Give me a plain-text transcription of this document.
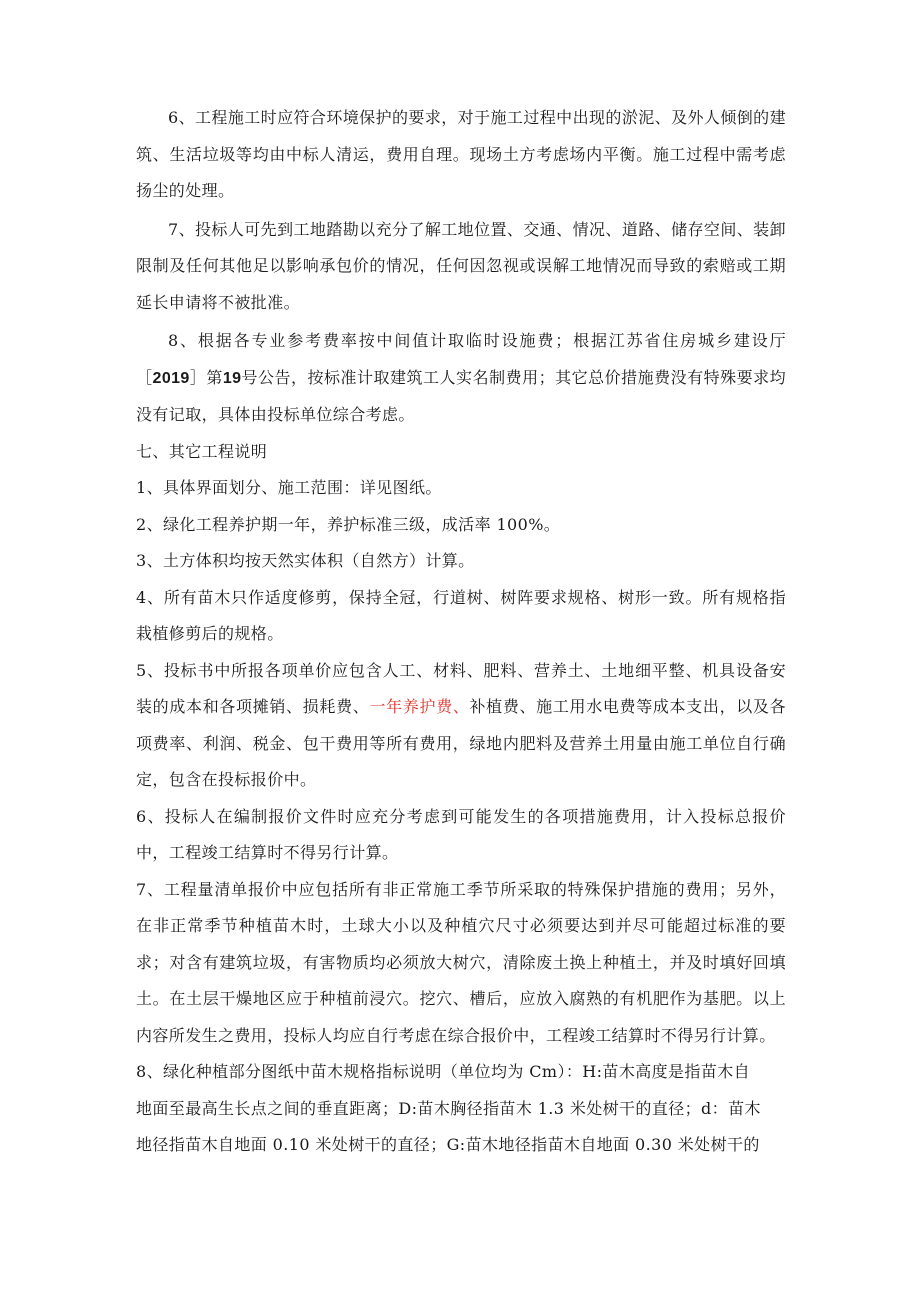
6、工程施工时应符合环境保护的要求，对于施工过程中出现的淤泥、及外人倾倒的建筑、生活垃圾等均由中标人清运，费用自理。现场土方考虑场内平衡。施工过程中需考虑扬尘的处理。

7、投标人可先到工地踏勘以充分了解工地位置、交通、情况、道路、储存空间、装卸限制及任何其他足以影响承包价的情况，任何因忽视或误解工地情况而导致的索赔或工期延长申请将不被批准。

8、根据各专业参考费率按中间值计取临时设施费；根据江苏省住房城乡建设厅［2019］第19号公告，按标准计取建筑工人实名制费用；其它总价措施费没有特殊要求均没有记取，具体由投标单位综合考虑。

七、其它工程说明

1、具体界面划分、施工范围：详见图纸。

2、绿化工程养护期一年，养护标准三级，成活率 100%。

3、土方体积均按天然实体积（自然方）计算。

4、所有苗木只作适度修剪，保持全冠，行道树、树阵要求规格、树形一致。所有规格指栽植修剪后的规格。

5、投标书中所报各项单价应包含人工、材料、肥料、营养土、土地细平整、机具设备安装的成本和各项摊销、损耗费、一年养护费、补植费、施工用水电费等成本支出，以及各项费率、利润、税金、包干费用等所有费用，绿地内肥料及营养土用量由施工单位自行确定，包含在投标报价中。

6、投标人在编制报价文件时应充分考虑到可能发生的各项措施费用，计入投标总报价中，工程竣工结算时不得另行计算。

7、工程量清单报价中应包括所有非正常施工季节所采取的特殊保护措施的费用；另外，在非正常季节种植苗木时，土球大小以及种植穴尺寸必须要达到并尽可能超过标准的要求；对含有建筑垃圾，有害物质均必须放大树穴，清除废土换上种植土，并及时填好回填土。在土层干燥地区应于种植前浸穴。挖穴、槽后，应放入腐熟的有机肥作为基肥。以上内容所发生之费用，投标人均应自行考虑在综合报价中，工程竣工结算时不得另行计算。

8、绿化种植部分图纸中苗木规格指标说明（单位均为 Cm）：H:苗木高度是指苗木自

地面至最高生长点之间的垂直距离；D:苗木胸径指苗木 1.3 米处树干的直径；d：苗木

地径指苗木自地面 0.10 米处树干的直径；G:苗木地径指苗木自地面 0.30 米处树干的
